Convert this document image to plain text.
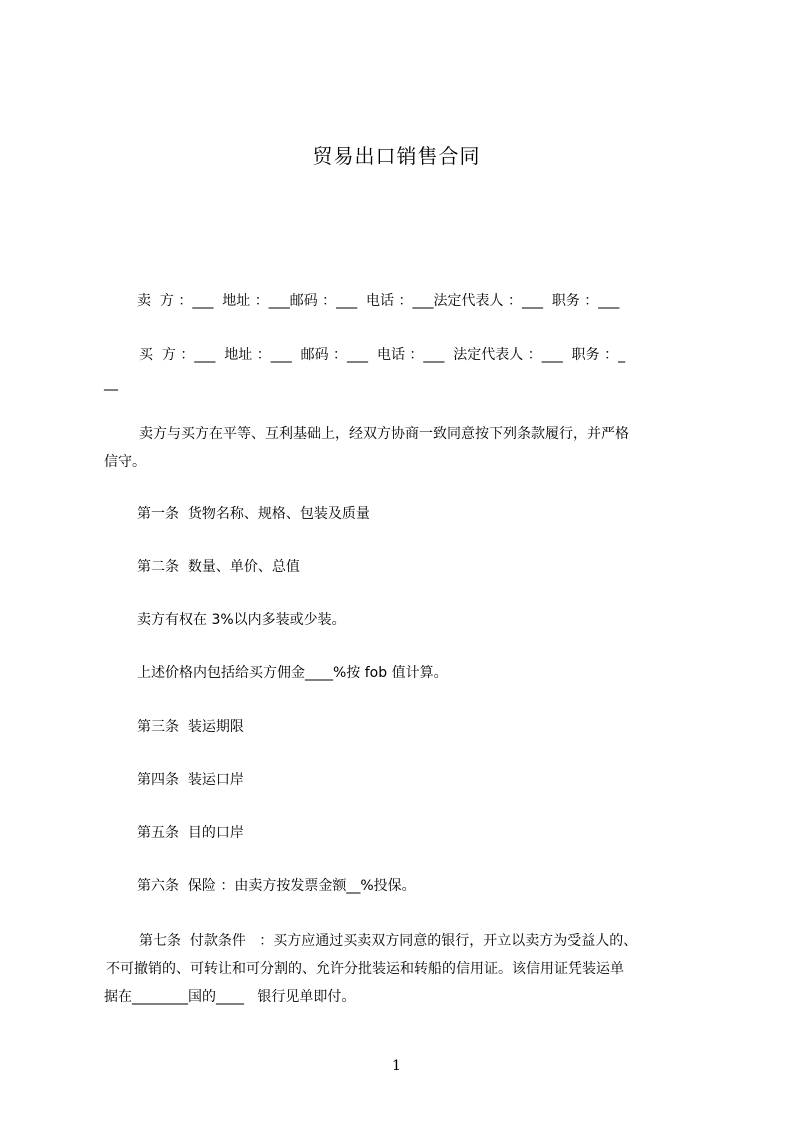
贸易出口销售合同
卖  方 ：___  地址 ：___邮码 ：___  电话 ：___法定代表人 ：___  职务 ：___
买  方 ：___  地址 ：___  邮码 ：___  电话 ：___  法定代表人 ：___  职务 ：_
__
卖方与买方在平等、互利基础上，经双方协商一致同意按下列条款履行，并严格
信守。
第一条  货物名称、规格、包装及质量
第二条  数量、单价、总值
卖方有权在 3%以内多装或少装。
上述价格内包括给买方佣金____%按 fob 值计算。
第三条  装运期限
第四条  装运口岸
第五条  目的口岸
第六条  保险 ：由卖方按发票金额__%投保。
第七条  付款条件   ：买方应通过买卖双方同意的银行，开立以卖方为受益人的、
不可撤销的、可转让和可分割的、允许分批装运和转船的信用证。该信用证凭装运单
据在________国的____   银行见单即付。
1
